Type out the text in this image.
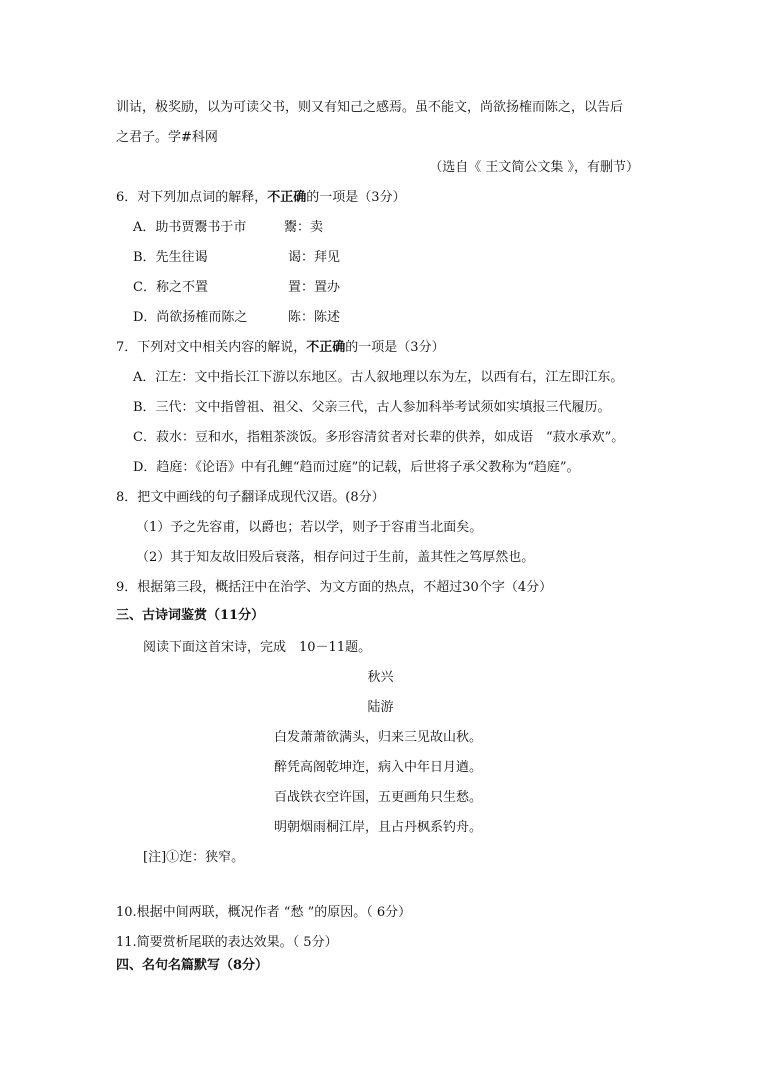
训诂，极奖励，以为可读父书，则又有知己之感焉。虽不能文，尚欲扬榷而陈之，以告后
之君子。学#科网
（选自《 王文简公文集 》，有删节）
6．对下列加点词的解释，不正确的一项是（3分）
A．助书贾鬻书于市	鬻：卖
B．先生往谒	谒：拜见
C．称之不置	置：置办
D．尚欲扬榷而陈之	陈：陈述
7．下列对文中相关内容的解说，不正确的一项是（3分）
A．江左：文中指长江下游以东地区。古人叙地理以东为左，以西有右，江左即江东。
B．三代：文中指曾祖、祖父、父亲三代，古人参加科举考试须如实填报三代履历。
C．菽水：豆和水，指粗茶淡饭。多形容清贫者对长辈的供养，如成语　“菽水承欢”。
D．趋庭：《论语》中有孔鲤“趋而过庭”的记载，后世将子承父教称为“趋庭”。
8．把文中画线的句子翻译成现代汉语。(8分）
（1）予之先容甫，以爵也；若以学，则予于容甫当北面矣。
（2）其于知友故旧殁后衰落，相存问过于生前，盖其性之笃厚然也。
9．根据第三段，概括汪中在治学、为文方面的热点，不超过30个字（4分）
三、古诗词鉴赏（11分）
阅读下面这首宋诗，完成　10－11题。
秋兴
陆游
白发萧萧欲满头，归来三见故山秋。
醉凭高阁乾坤迮，病入中年日月遒。
百战铁衣空许国，五更画角只生愁。
明朝烟雨桐江岸，且占丹枫系钓舟。
[注]①迮：狭窄。
10.根据中间两联，概况作者 “愁 ”的原因。（ 6分）
11.简要赏析尾联的表达效果。（ 5分）
四、名句名篇默写（8分）
